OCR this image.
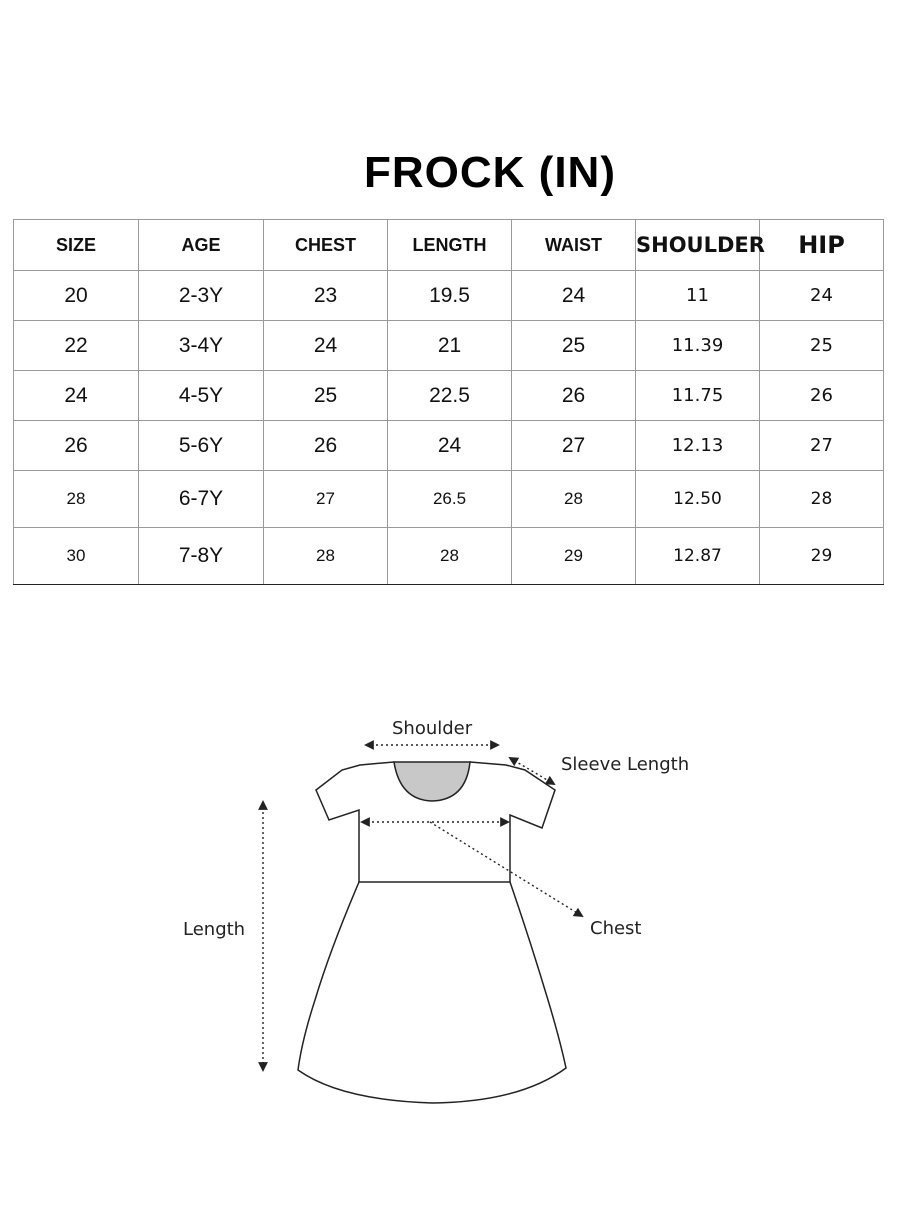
FROCK (IN)
SIZE	AGE	CHEST	LENGTH	WAIST	SHOULDER	HIP
20	2-3Y	23	19.5	24	11	24
22	3-4Y	24	21	25	11.39	25
24	4-5Y	25	22.5	26	11.75	26
26	5-6Y	26	24	27	12.13	27
28	6-7Y	27	26.5	28	12.50	28
30	7-8Y	28	28	29	12.87	29
Shoulder
Sleeve Length
Chest
Length
